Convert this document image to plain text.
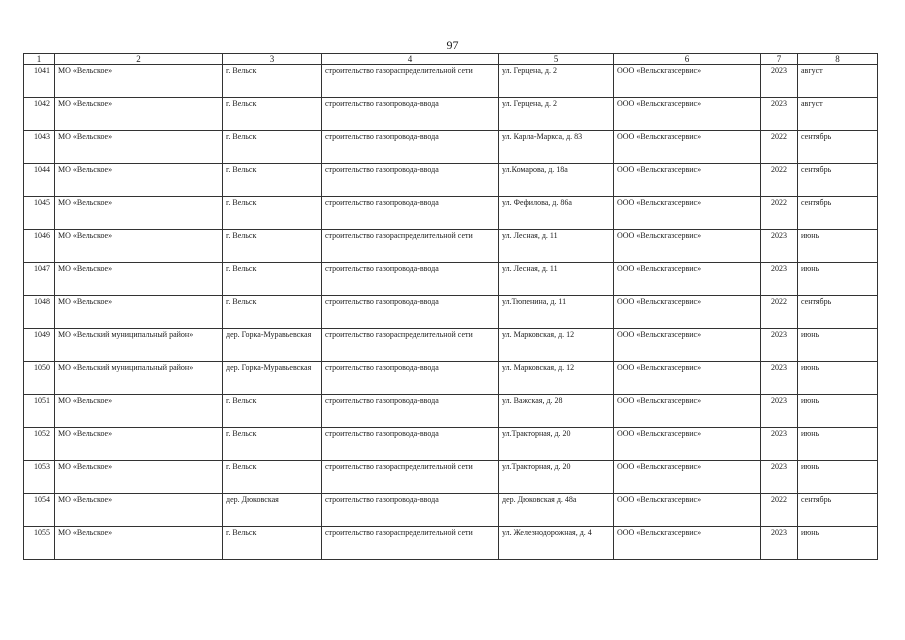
97
1	2	3	4	5	6	7	8
1041	МО «Вельское»	г. Вельск	строительство газораспределительной сети	ул. Герцена, д. 2	ООО «Вельскгазсервис»	2023	август
1042	МО «Вельское»	г. Вельск	строительство газопровода-ввода	ул. Герцена, д. 2	ООО «Вельскгазсервис»	2023	август
1043	МО «Вельское»	г. Вельск	строительство газопровода-ввода	ул. Карла-Маркса, д. 83	ООО «Вельскгазсервис»	2022	сентябрь
1044	МО «Вельское»	г. Вельск	строительство газопровода-ввода	ул.Комарова, д. 18а	ООО «Вельскгазсервис»	2022	сентябрь
1045	МО «Вельское»	г. Вельск	строительство газопровода-ввода	ул. Фефилова, д. 86а	ООО «Вельскгазсервис»	2022	сентябрь
1046	МО «Вельское»	г. Вельск	строительство газораспределительной сети	ул. Лесная, д. 11	ООО «Вельскгазсервис»	2023	июнь
1047	МО «Вельское»	г. Вельск	строительство газопровода-ввода	ул. Лесная, д. 11	ООО «Вельскгазсервис»	2023	июнь
1048	МО «Вельское»	г. Вельск	строительство газопровода-ввода	ул.Тюпенина, д. 11	ООО «Вельскгазсервис»	2022	сентябрь
1049	МО «Вельский муниципальный район»	дер. Горка-Муравьевская	строительство газораспределительной сети	ул. Марковская, д. 12	ООО «Вельскгазсервис»	2023	июнь
1050	МО «Вельский муниципальный район»	дер. Горка-Муравьевская	строительство газопровода-ввода	ул. Марковская, д. 12	ООО «Вельскгазсервис»	2023	июнь
1051	МО «Вельское»	г. Вельск	строительство газопровода-ввода	ул. Важская, д. 28	ООО «Вельскгазсервис»	2023	июнь
1052	МО «Вельское»	г. Вельск	строительство газопровода-ввода	ул.Тракторная, д. 20	ООО «Вельскгазсервис»	2023	июнь
1053	МО «Вельское»	г. Вельск	строительство газораспределительной сети	ул.Тракторная, д. 20	ООО «Вельскгазсервис»	2023	июнь
1054	МО «Вельское»	дер. Дюковская	строительство газопровода-ввода	дер. Дюковская д. 48а	ООО «Вельскгазсервис»	2022	сентябрь
1055	МО «Вельское»	г. Вельск	строительство газораспределительной сети	ул. Железнодорожная, д. 4	ООО «Вельскгазсервис»	2023	июнь
